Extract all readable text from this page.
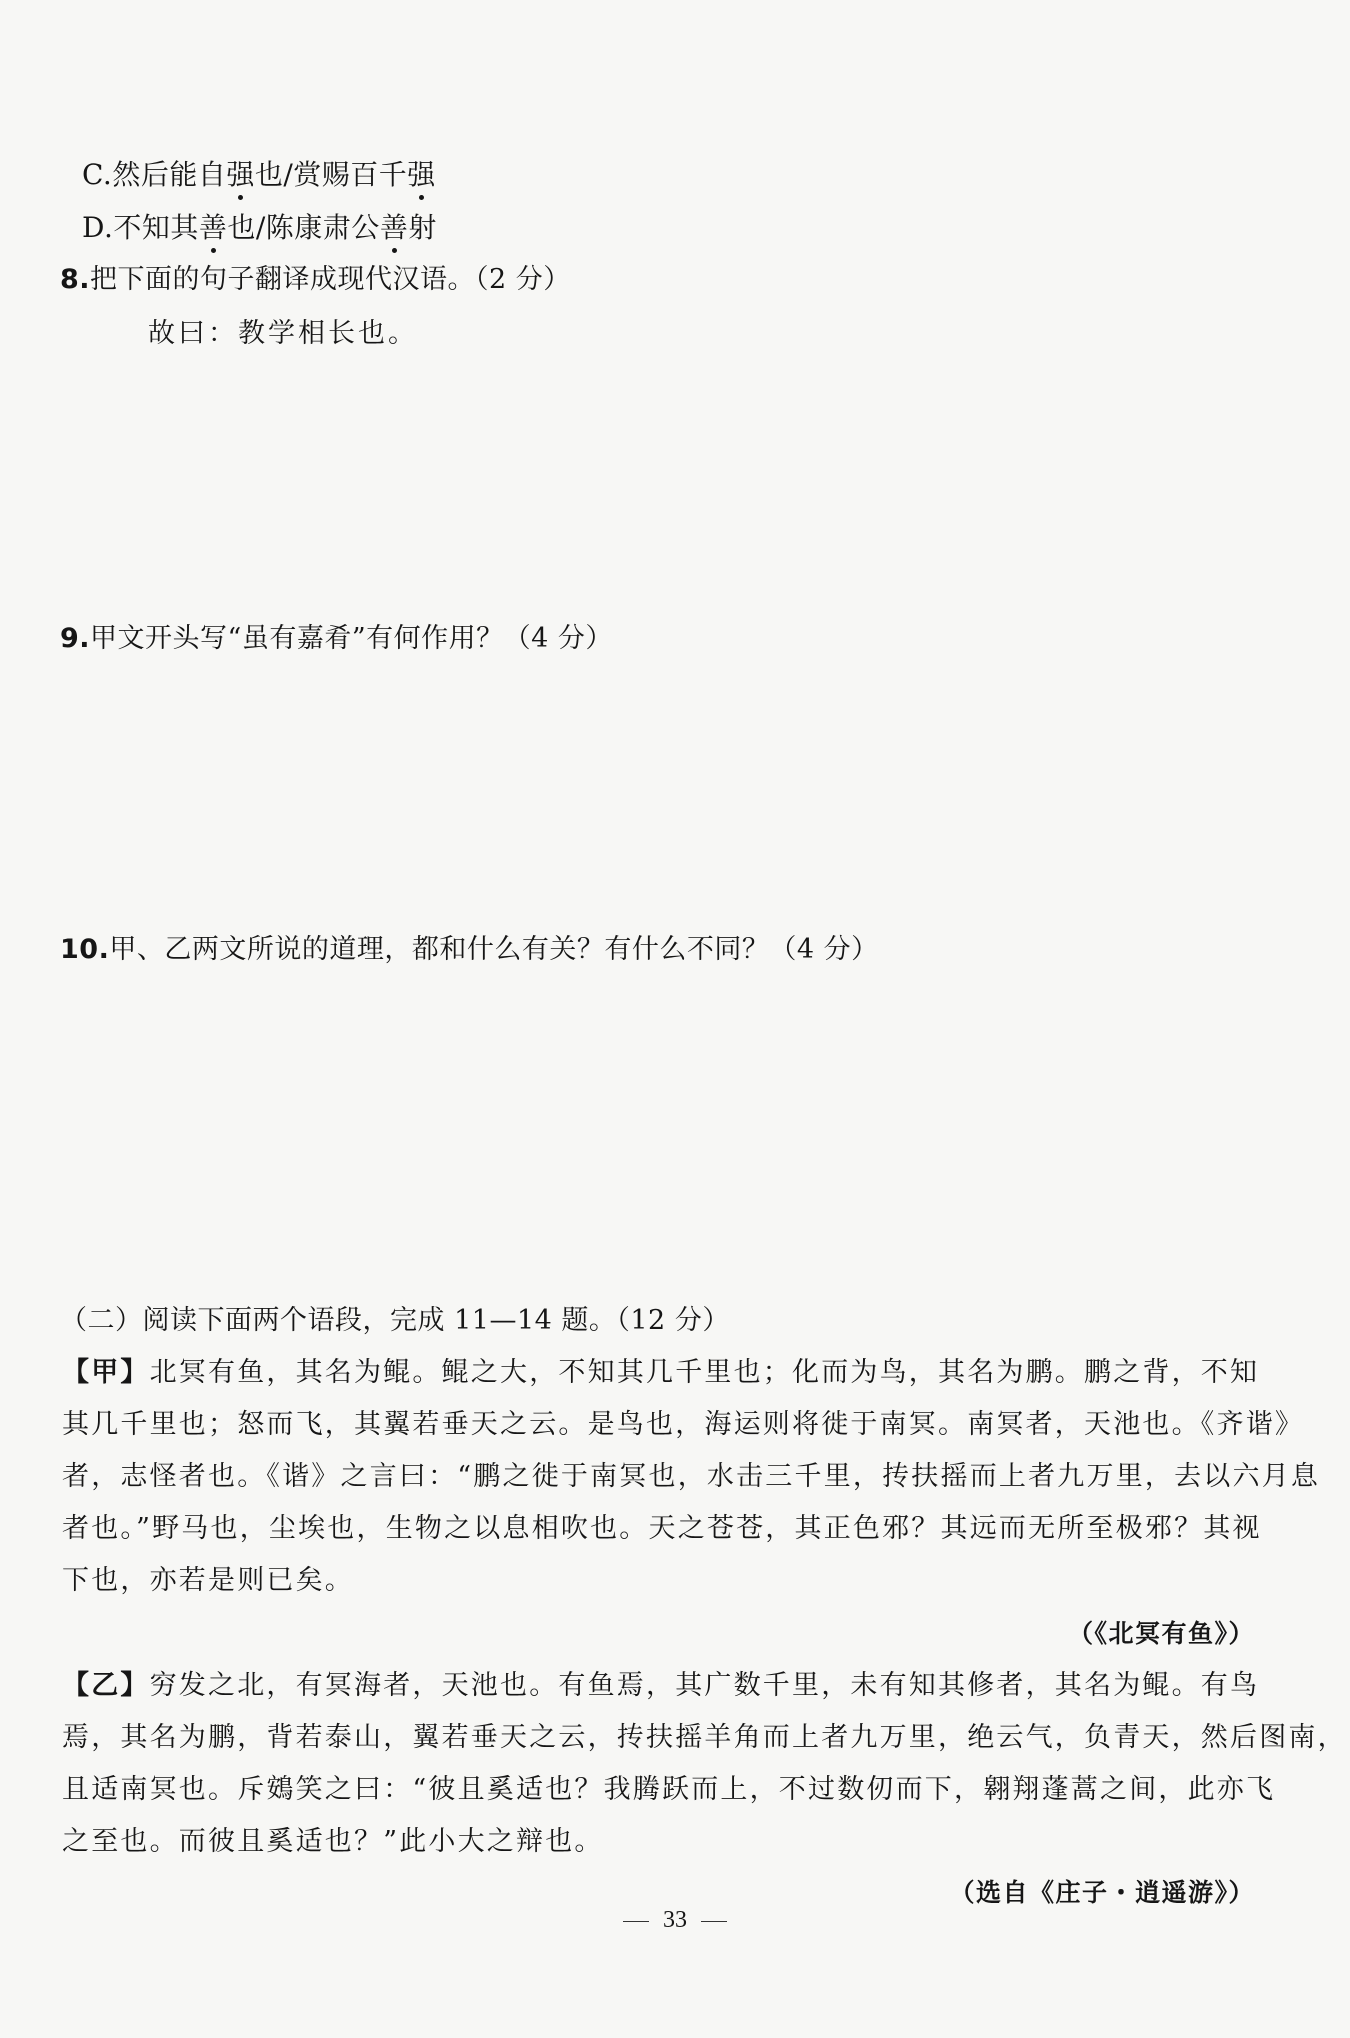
C.然后能自强也/赏赐百千强
D.不知其善也/陈康肃公善射
8.把下面的句子翻译成现代汉语。（2 分）
故曰：教学相长也。
9.甲文开头写“虽有嘉肴”有何作用？（4 分）
10.甲、乙两文所说的道理，都和什么有关？有什么不同？（4 分）
（二）阅读下面两个语段，完成 11—14 题。（12 分）
【甲】北冥有鱼，其名为鲲。鲲之大，不知其几千里也；化而为鸟，其名为鹏。鹏之背，不知
其几千里也；怒而飞，其翼若垂天之云。是鸟也，海运则将徙于南冥。南冥者，天池也。《齐谐》
者，志怪者也。《谐》之言曰：“鹏之徙于南冥也，水击三千里，抟扶摇而上者九万里，去以六月息
者也。”野马也，尘埃也，生物之以息相吹也。天之苍苍，其正色邪？其远而无所至极邪？其视
下也，亦若是则已矣。
（《北冥有鱼》）
【乙】穷发之北，有冥海者，天池也。有鱼焉，其广数千里，未有知其修者，其名为鲲。有鸟
焉，其名为鹏，背若泰山，翼若垂天之云，抟扶摇羊角而上者九万里，绝云气，负青天，然后图南，
且适南冥也。斥鴳笑之曰：“彼且奚适也？我腾跃而上，不过数仞而下，翱翔蓬蒿之间，此亦飞
之至也。而彼且奚适也？”此小大之辩也。
（选自《庄子・逍遥游》）
33
